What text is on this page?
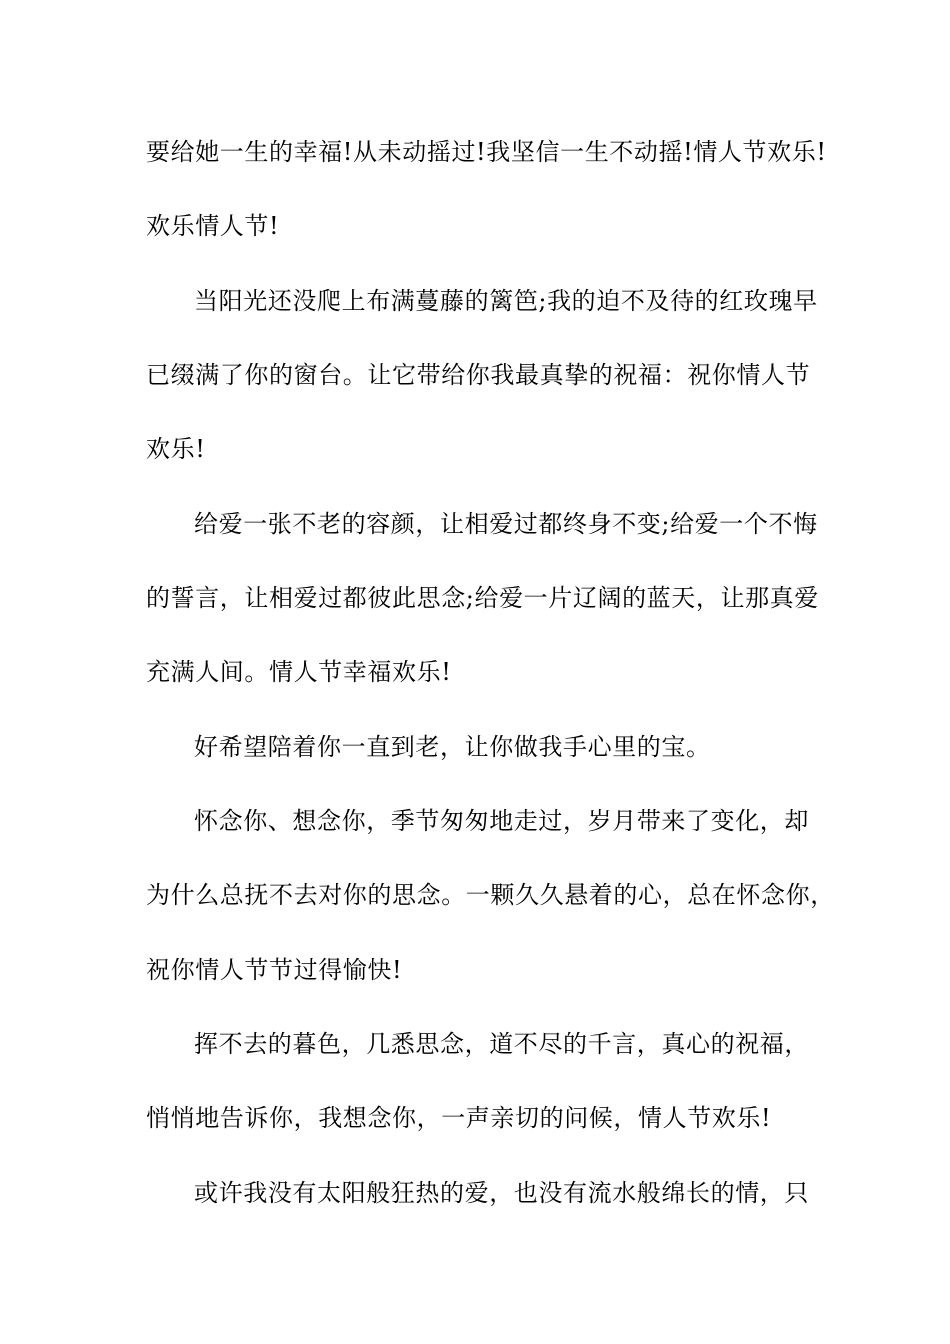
要给她一生的幸福!从未动摇过!我坚信一生不动摇!情人节欢乐!
欢乐情人节!
当阳光还没爬上布满蔓藤的篱笆;我的迫不及待的红玫瑰早
已缀满了你的窗台。让它带给你我最真挚的祝福：祝你情人节
欢乐!
给爱一张不老的容颜，让相爱过都终身不变;给爱一个不悔
的誓言，让相爱过都彼此思念;给爱一片辽阔的蓝天，让那真爱
充满人间。情人节幸福欢乐!
好希望陪着你一直到老，让你做我手心里的宝。
怀念你、想念你，季节匆匆地走过，岁月带来了变化，却
为什么总抚不去对你的思念。一颗久久悬着的心，总在怀念你，
祝你情人节节过得愉快!
挥不去的暮色，几悉思念，道不尽的千言，真心的祝福，
悄悄地告诉你，我想念你，一声亲切的问候，情人节欢乐!
或许我没有太阳般狂热的爱，也没有流水般绵长的情，只
